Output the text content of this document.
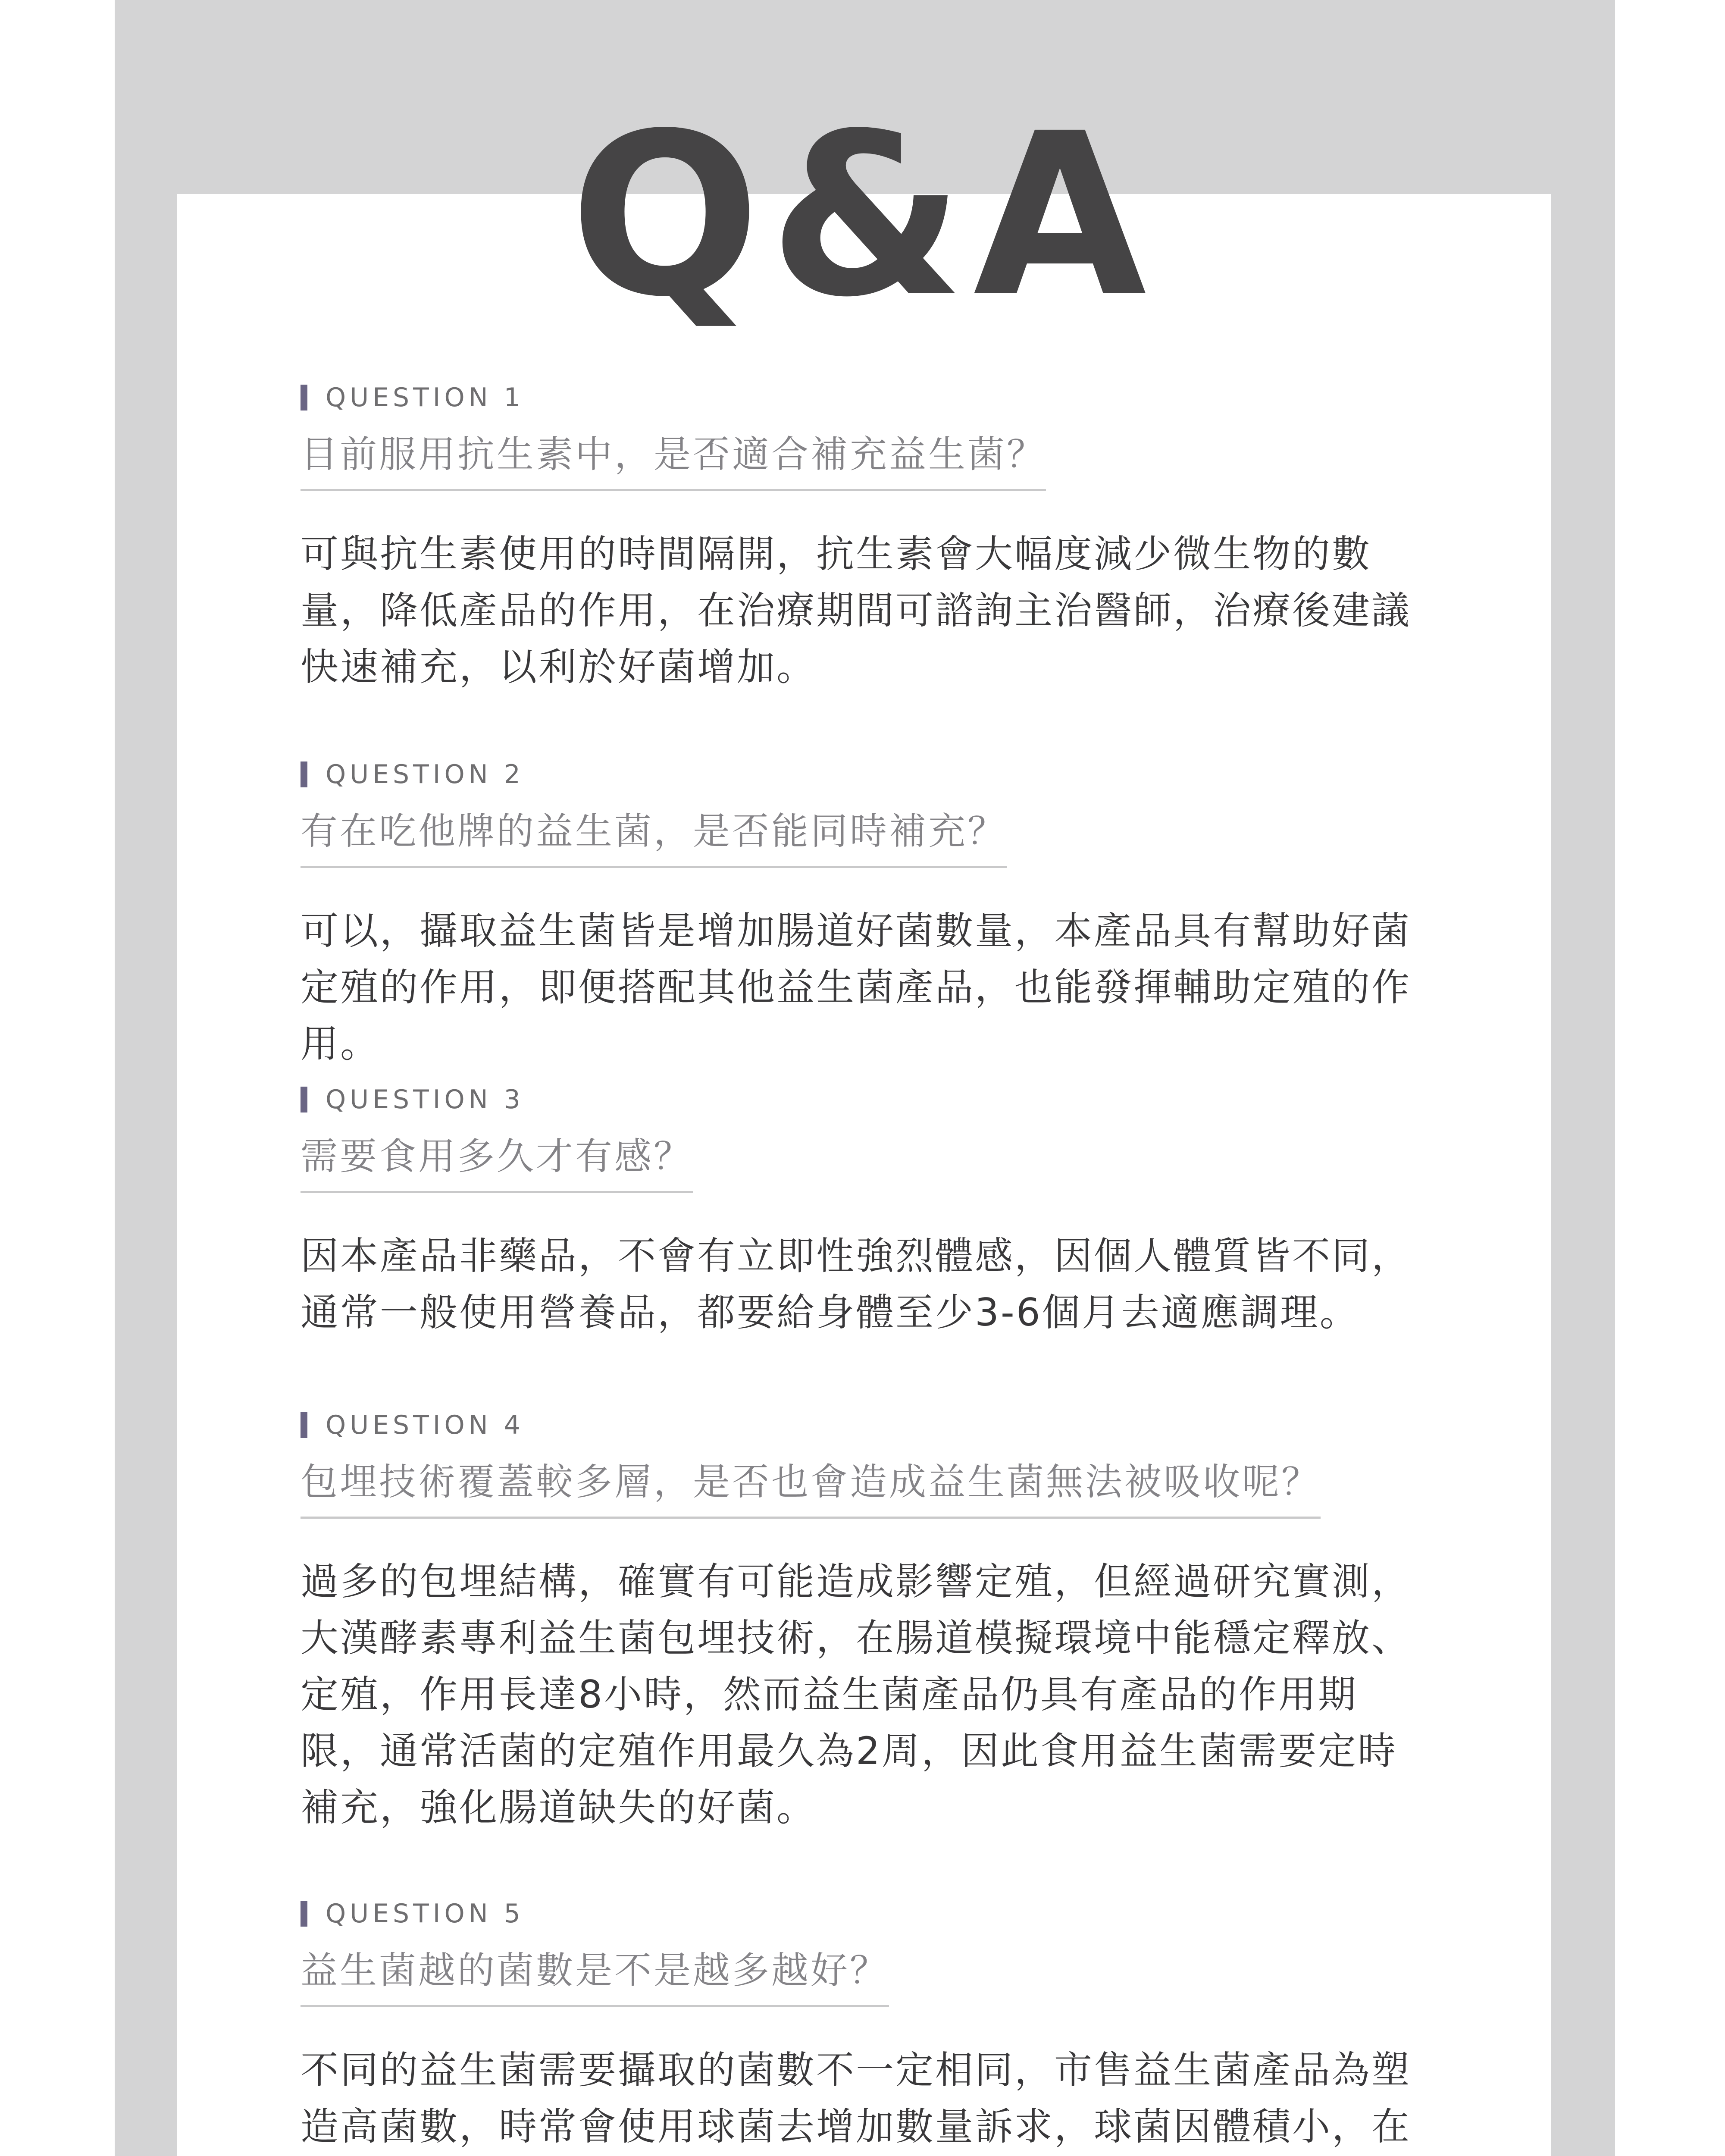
Q&A
QUESTION 1
目前服用抗生素中，是否適合補充益生菌？
可與抗生素使用的時間隔開，抗生素會大幅度減少微生物的數量，降低產品的作用，在治療期間可諮詢主治醫師，治療後建議快速補充，以利於好菌增加。
QUESTION 2
有在吃他牌的益生菌，是否能同時補充？
可以，攝取益生菌皆是增加腸道好菌數量，本產品具有幫助好菌定殖的作用，即便搭配其他益生菌產品，也能發揮輔助定殖的作用。
QUESTION 3
需要食用多久才有感？
因本產品非藥品，不會有立即性強烈體感，因個人體質皆不同，通常一般使用營養品，都要給身體至少3-6個月去適應調理。
QUESTION 4
包埋技術覆蓋較多層，是否也會造成益生菌無法被吸收呢？
過多的包埋結構，確實有可能造成影響定殖，但經過研究實測，大漢酵素專利益生菌包埋技術，在腸道模擬環境中能穩定釋放、定殖，作用長達8小時，然而益生菌產品仍具有產品的作用期限，通常活菌的定殖作用最久為2周，因此食用益生菌需要定時補充，強化腸道缺失的好菌。
QUESTION 5
益生菌越的菌數是不是越多越好？
不同的益生菌需要攝取的菌數不一定相同，市售益生菌產品為塑造高菌數，時常會使用球菌去增加數量訴求，球菌因體積小，在
